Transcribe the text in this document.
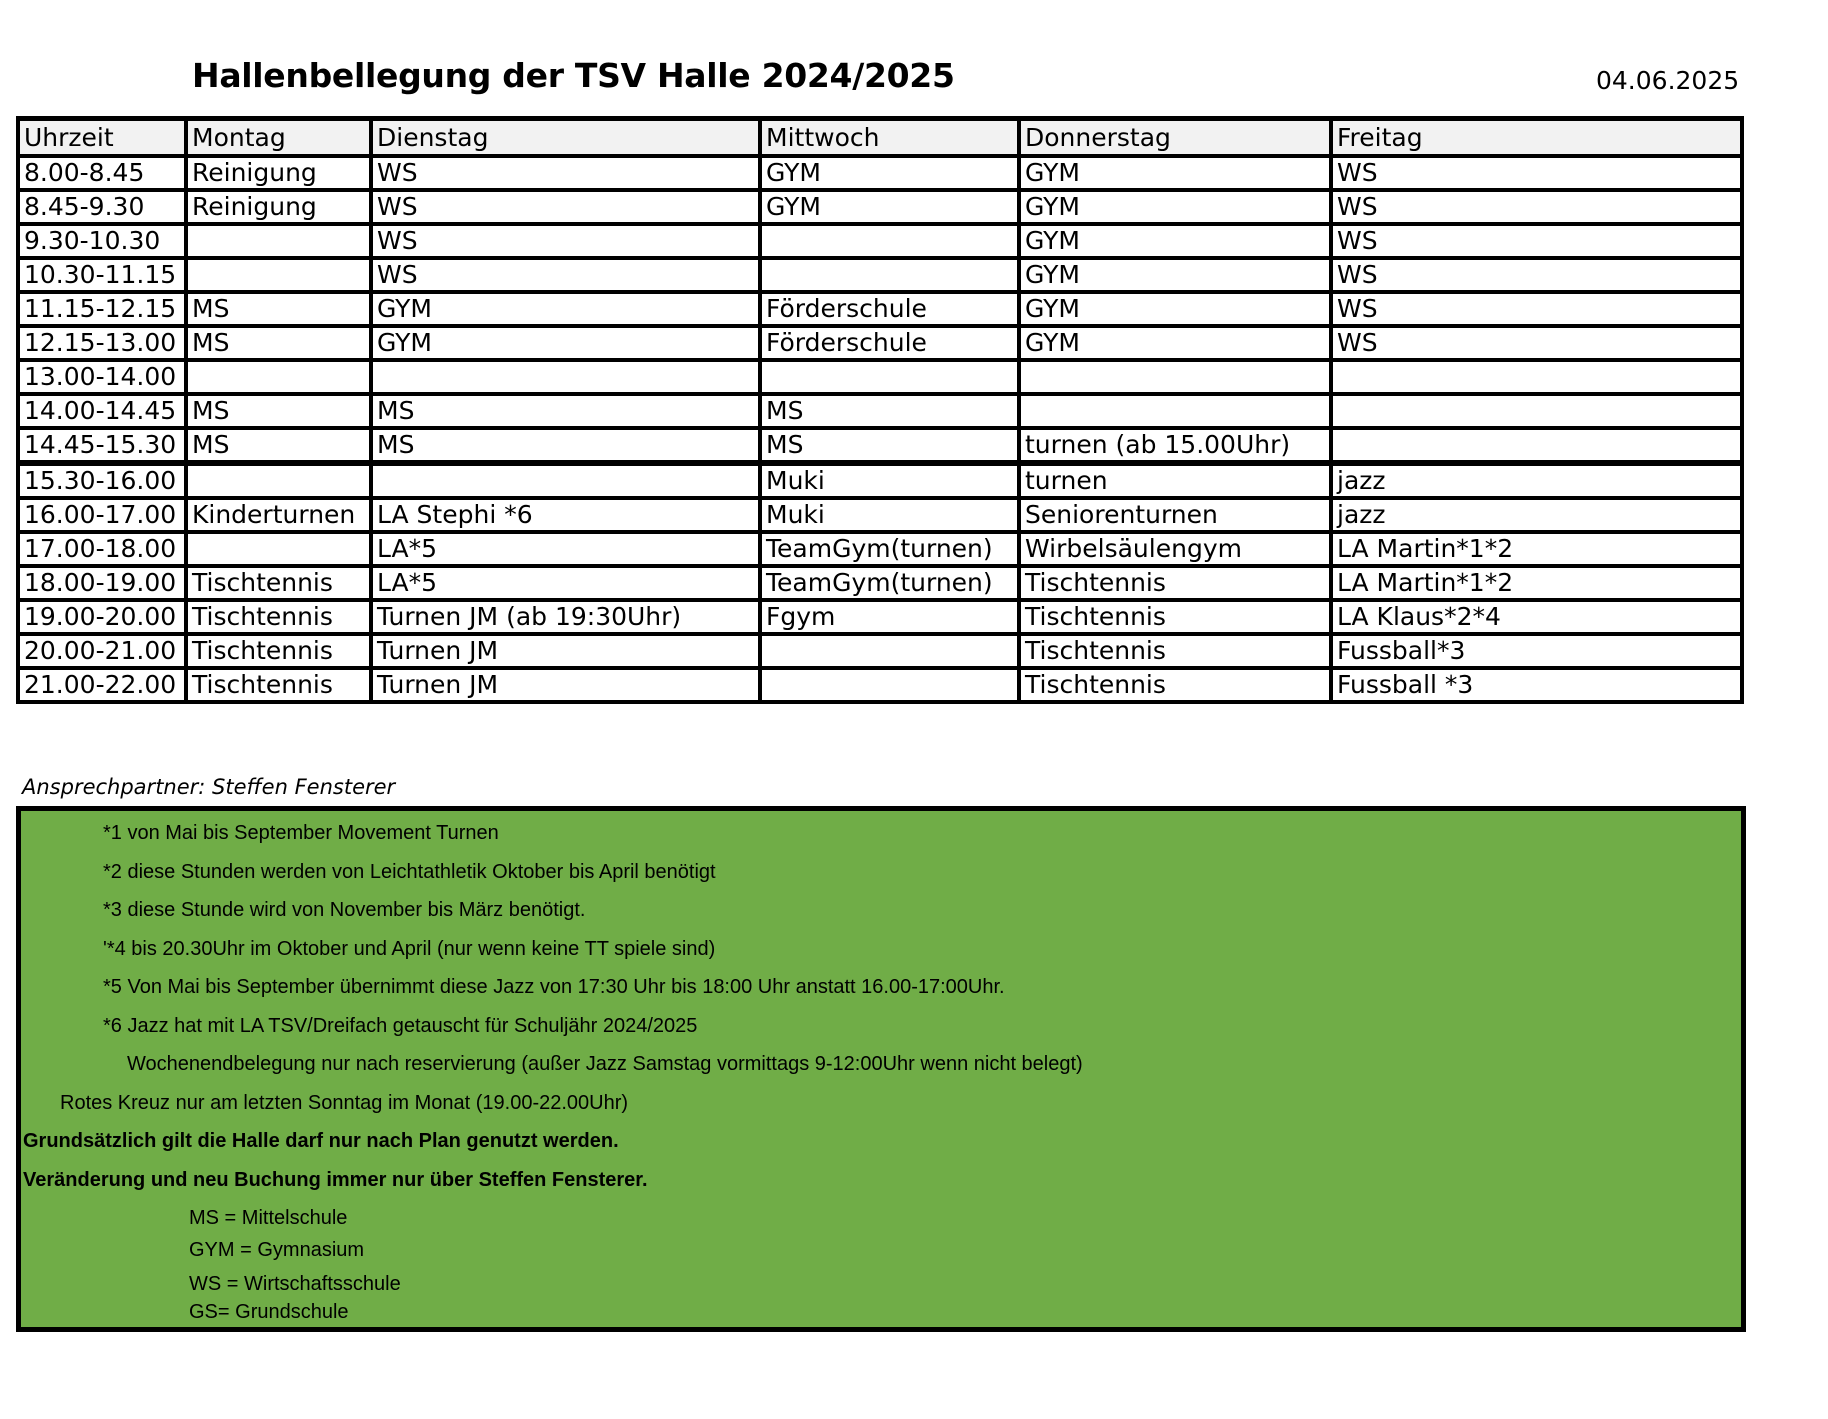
Hallenbellegung der TSV Halle 2024/2025	04.06.2025
Uhrzeit	Montag	Dienstag	Mittwoch	Donnerstag	Freitag
8.00-8.45	Reinigung	WS	GYM	GYM	WS
8.45-9.30	Reinigung	WS	GYM	GYM	WS
9.30-10.30		WS		GYM	WS
10.30-11.15		WS		GYM	WS
11.15-12.15	MS	GYM	Förderschule	GYM	WS
12.15-13.00	MS	GYM	Förderschule	GYM	WS
13.00-14.00					
14.00-14.45	MS	MS	MS		
14.45-15.30	MS	MS	MS	turnen (ab 15.00Uhr)	
15.30-16.00			Muki	turnen	jazz
16.00-17.00	Kinderturnen	LA Stephi *6	Muki	Seniorenturnen	jazz
17.00-18.00		LA*5	TeamGym(turnen)	Wirbelsäulengym	LA Martin*1*2
18.00-19.00	Tischtennis	LA*5	TeamGym(turnen)	Tischtennis	LA Martin*1*2
19.00-20.00	Tischtennis	Turnen JM (ab 19:30Uhr)	Fgym	Tischtennis	LA Klaus*2*4
20.00-21.00	Tischtennis	Turnen JM		Tischtennis	Fussball*3
21.00-22.00	Tischtennis	Turnen JM		Tischtennis	Fussball *3
Ansprechpartner: Steffen Fensterer
*1 von Mai bis September Movement Turnen
*2 diese Stunden werden von Leichtathletik Oktober bis April benötigt
*3 diese Stunde wird von November bis März benötigt.
'*4 bis 20.30Uhr im Oktober und April (nur wenn keine TT spiele sind)
*5 Von Mai bis September übernimmt diese Jazz von 17:30 Uhr bis 18:00 Uhr anstatt 16.00-17:00Uhr.
*6 Jazz hat mit LA TSV/Dreifach getauscht für Schuljähr 2024/2025
Wochenendbelegung nur nach reservierung (außer Jazz Samstag vormittags 9-12:00Uhr wenn nicht belegt)
Rotes Kreuz nur am letzten Sonntag im Monat (19.00-22.00Uhr)
Grundsätzlich gilt die Halle darf nur nach Plan genutzt werden.
Veränderung und neu Buchung immer nur über Steffen Fensterer.
MS = Mittelschule
GYM = Gymnasium
WS = Wirtschaftsschule
GS= Grundschule
